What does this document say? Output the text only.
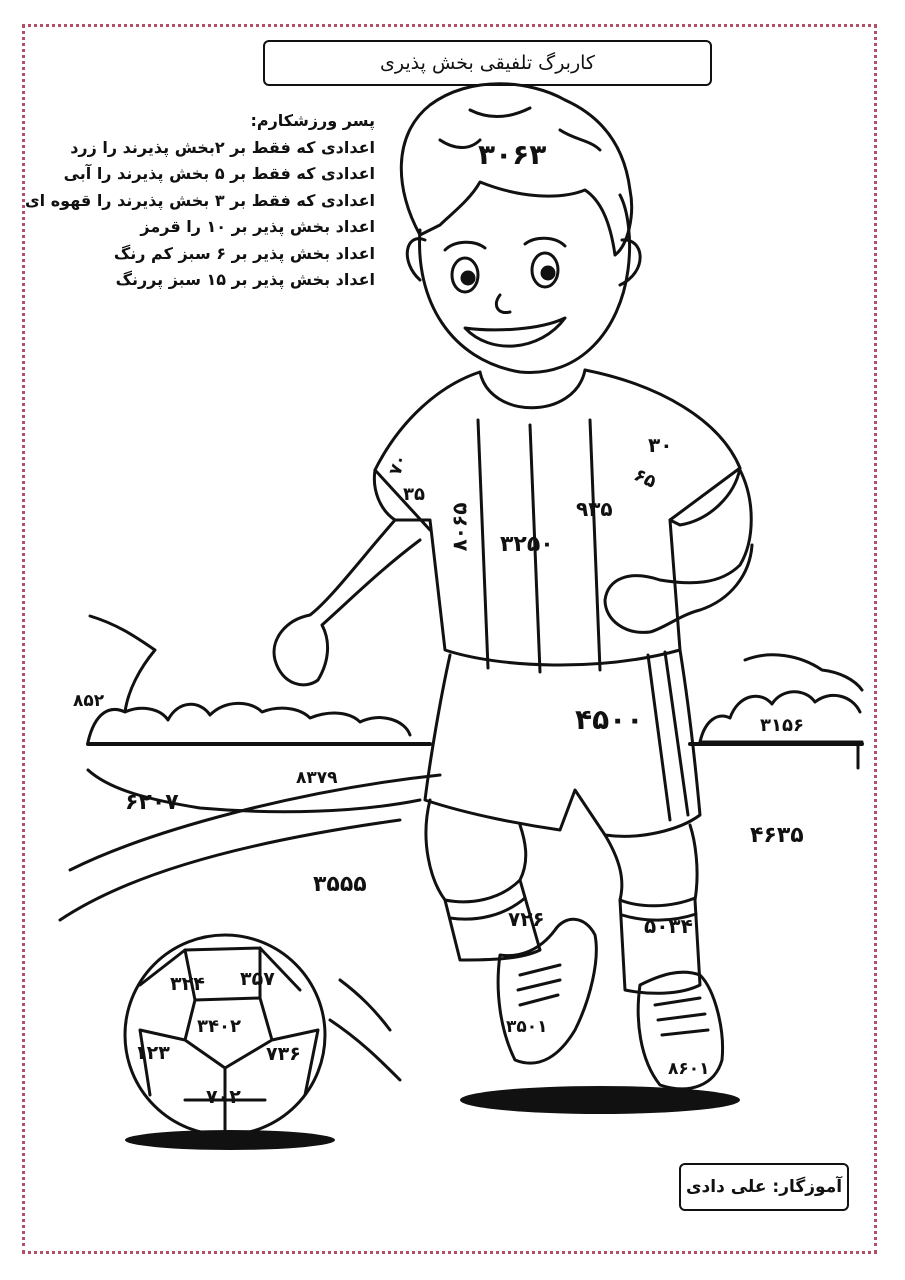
کاربرگ تلفیقی بخش پذیری
پسر ورزشکارم:
اعدادی که فقط بر ۲بخش پذیرند را زرد
اعدادی که فقط بر ۵ بخش پذیرند را آبی
اعدادی که فقط بر ۳ بخش پذیرند را قهوه ای
اعداد بخش پذیر بر ۱۰ را قرمز
اعداد بخش پذیر بر ۶ سبز کم رنگ
اعداد بخش پذیر بر ۱۵ سبز پررنگ
۳۰۶۳
۷۰
۳۵
۸۰۶۵ ۳۲۵۰
۹۳۵
۳۰
۶۵
۴۵۰۰
۸۵۲
۳۱۵۶
۸۳۷۹
۶۲۰۷
۴۶۳۵
۳۵۵۵
۷۲۶	۵۰۳۴
۳۵۰۱
۸۶۰۱
۳۲۴ ۳۵۷
۳۴۰۲
۱۲۳	۷۳۶
۷۰۲
آموزگار: علی دادی
